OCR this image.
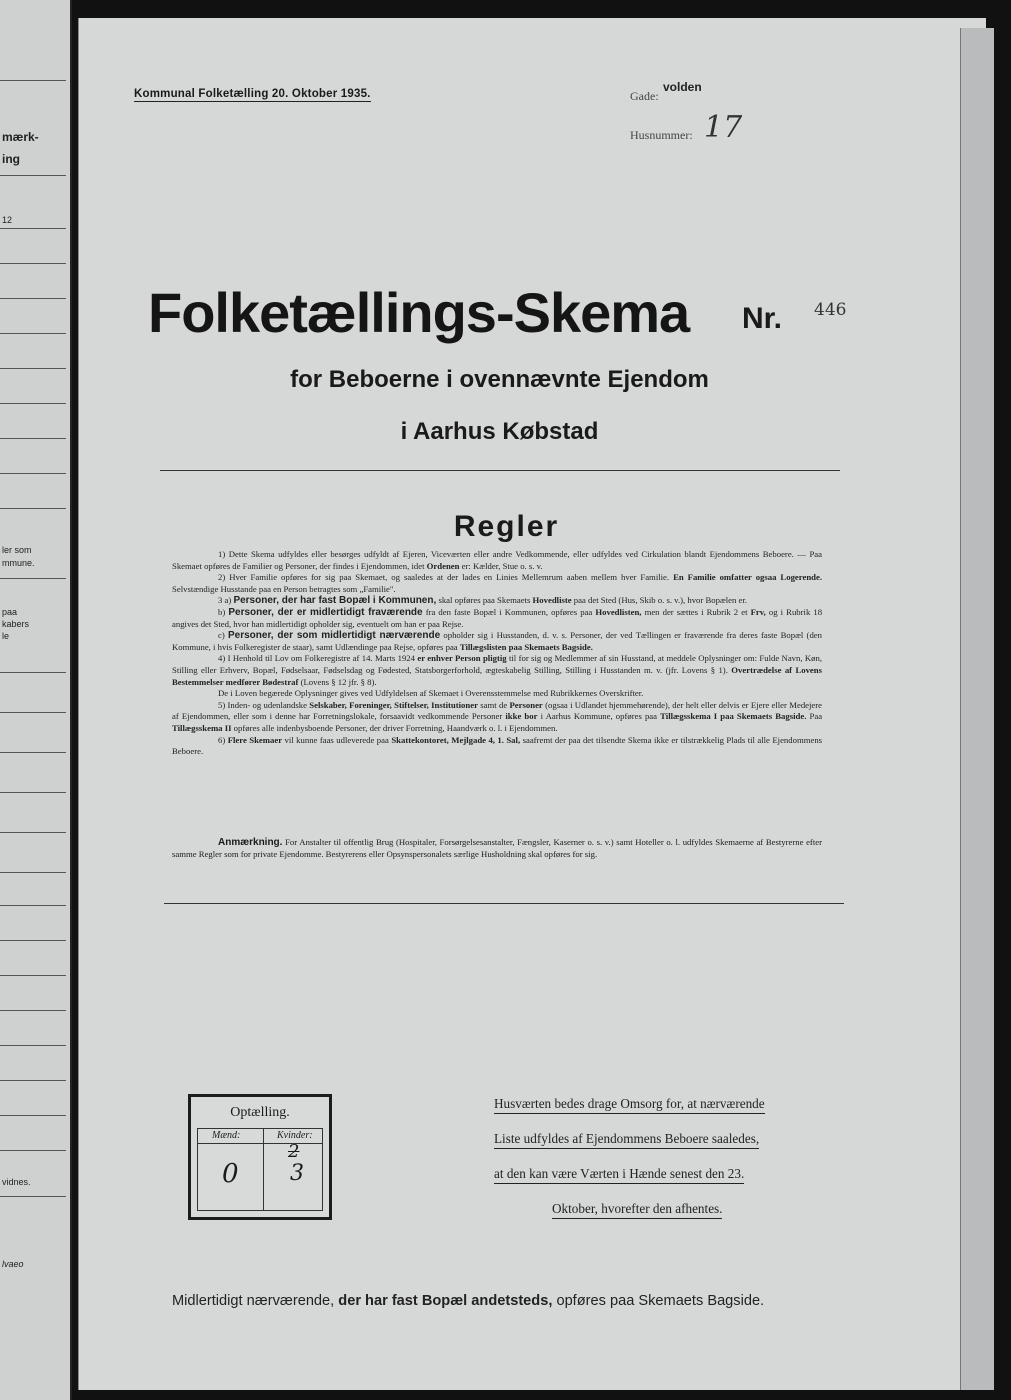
mærk-
ing
12
ler som
mmune.
paa
kabers
le
vidnes.
lvaeo
Kommunal Folketælling 20. Oktober 1935.	Gade:
volden
Husnummer: 17
Folketællings-Skema Nr. 446
for Beboerne i ovennævnte Ejendom
i Aarhus Købstad
Regler

1) Dette Skema udfyldes eller besørges udfyldt af Ejeren, Viceværten eller andre Vedkommende, eller udfyldes ved Cirkulation blandt Ejendommens Beboere. — Paa Skemaet opføres de Familier og Personer, der findes i Ejendommen, idet Ordenen er: Kælder, Stue o. s. v.

2) Hver Familie opføres for sig paa Skemaet, og saaledes at der lades en Linies Mellemrum aaben mellem hver Familie. En Familie omfatter ogsaa Logerende. Selvstændige Husstande paa en Person betragtes som „Familie".

3 a) Personer, der har fast Bopæl i Kommunen, skal opføres paa Skemaets Hovedliste paa det Sted (Hus, Skib o. s. v.), hvor Bopælen er.

b) Personer, der er midlertidigt fraværende fra den faste Bopæl i Kommunen, opføres paa Hovedlisten, men der sættes i Rubrik 2 et Frv, og i Rubrik 18 angives det Sted, hvor han midlertidigt opholder sig, eventuelt om han er paa Rejse.

c) Personer, der som midlertidigt nærværende opholder sig i Husstanden, d. v. s. Personer, der ved Tællingen er fraværende fra deres faste Bopæl (den Kommune, i hvis Folkeregister de staar), samt Udlændinge paa Rejse, opføres paa Tillægslisten paa Skemaets Bagside.

4) I Henhold til Lov om Folkeregistre af 14. Marts 1924 er enhver Person pligtig til for sig og Medlemmer af sin Husstand, at meddele Oplysninger om: Fulde Navn, Køn, Stilling eller Erhverv, Bopæl, Fødselsaar, Fødselsdag og Fødested, Statsborgerforhold, ægteskabelig Stilling, Stilling i Husstanden m. v. (jfr. Lovens § 1). Overtrædelse af Lovens Bestemmelser medfører Bødestraf (Lovens § 12 jfr. § 8).

De i Loven begærede Oplysninger gives ved Udfyldelsen af Skemaet i Overensstemmelse med Rubrikkernes Overskrifter.

5) Inden- og udenlandske Selskaber, Foreninger, Stiftelser, Institutioner samt de Personer (ogsaa i Udlandet hjemmehørende), der helt eller delvis er Ejere eller Medejere af Ejendommen, eller som i denne har Forretningslokale, forsaavidt vedkommende Personer ikke bor i Aarhus Kommune, opføres paa Tillægsskema I paa Skemaets Bagside. Paa Tillægsskema II opføres alle indenbysboende Personer, der driver Forretning, Haandværk o. l. i Ejendommen.

6) Flere Skemaer vil kunne faas udleverede paa Skattekontoret, Mejlgade 4, 1. Sal, saafremt der paa det tilsendte Skema ikke er tilstrækkelig Plads til alle Ejendommens Beboere.

Anmærkning. For Anstalter til offentlig Brug (Hospitaler, Forsørgelsesanstalter, Fængsler, Kaserner o. s. v.) samt Hoteller o. l. udfyldes Skemaerne af Bestyrerne efter samme Regler som for private Ejendomme. Bestyrerens eller Opsynspersonalets særlige Husholdning skal opføres for sig.
Optælling.
Mænd:	Kvinder:
0
2
3
Husværten bedes drage Omsorg for, at nærværende
Liste udfyldes af Ejendommens Beboere saaledes,
at den kan være Værten i Hænde senest den 23.
Oktober, hvorefter den afhentes.
Midlertidigt nærværende, der har fast Bopæl andetsteds, opføres paa Skemaets Bagside.
